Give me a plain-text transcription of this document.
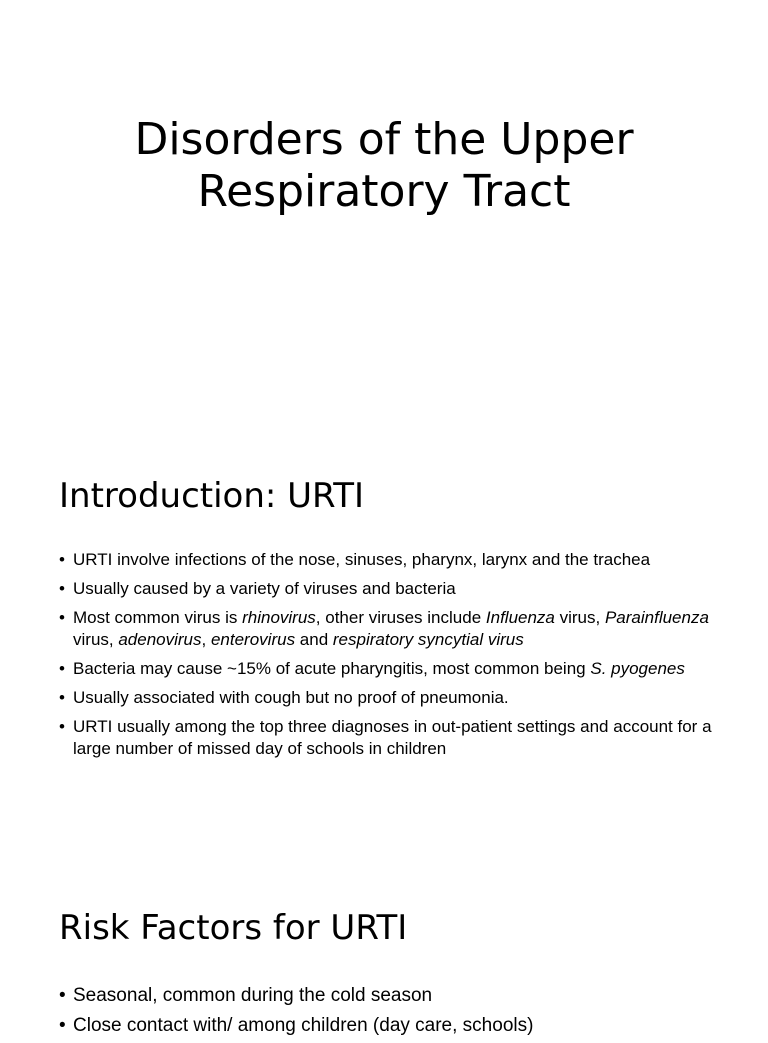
Disorders of the Upper
Respiratory Tract
Introduction: URTI
• URTI involve infections of the nose, sinuses, pharynx, larynx and the trachea
• Usually caused by a variety of viruses and bacteria
• Most common virus is rhinovirus, other viruses include Influenza virus, Parainfluenza virus, adenovirus, enterovirus and respiratory syncytial virus
• Bacteria may cause ~15% of acute pharyngitis, most common being S. pyogenes
• Usually associated with cough but no proof of pneumonia.
• URTI usually among the top three diagnoses in out-patient settings and account for a large number of missed day of schools in children
Risk Factors for URTI
• Seasonal, common during the cold season
• Close contact with/ among children (day care, schools)
